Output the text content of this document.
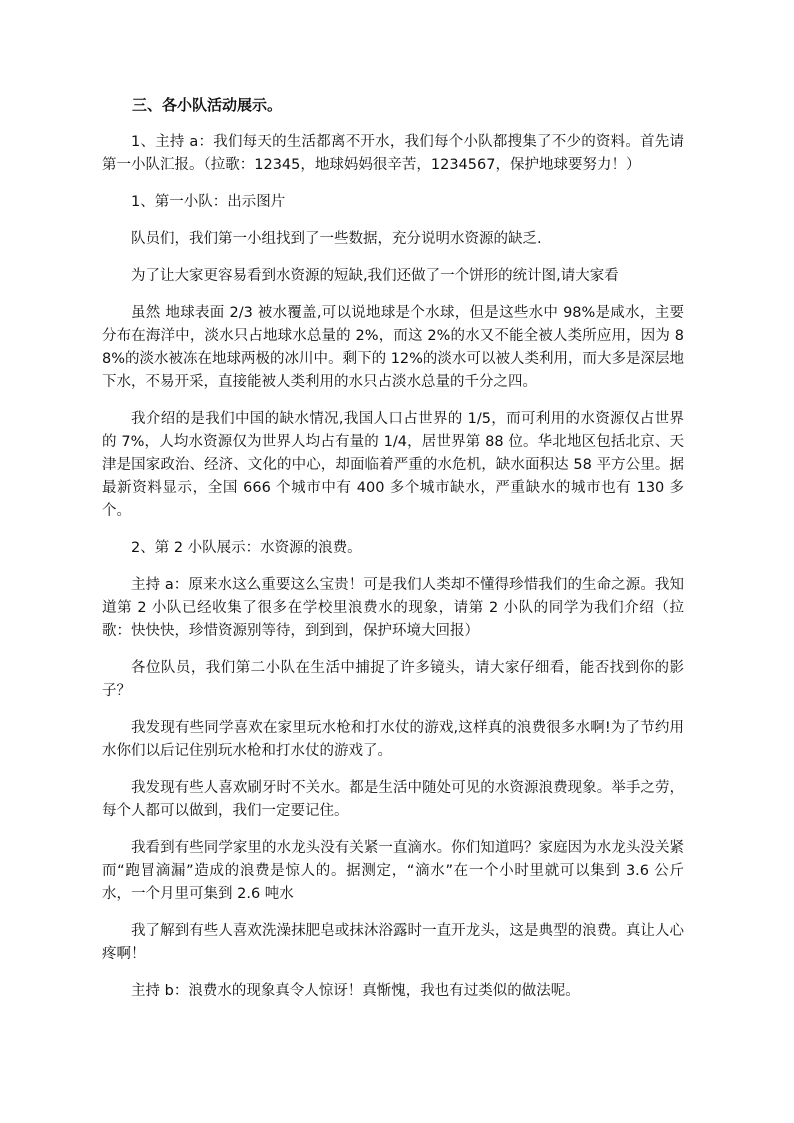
三、各小队活动展示。

1、主持 a：我们每天的生活都离不开水，我们每个小队都搜集了不少的资料。首先请第一小队汇报。（拉歌：12345，地球妈妈很辛苦，1234567，保护地球要努力！）

1、第一小队：出示图片

队员们，我们第一小组找到了一些数据，充分说明水资源的缺乏.

为了让大家更容易看到水资源的短缺,我们还做了一个饼形的统计图,请大家看

虽然 地球表面 2/3 被水覆盖,可以说地球是个水球，但是这些水中 98%是咸水，主要分布在海洋中，淡水只占地球水总量的 2%，而这 2%的水又不能全被人类所应用，因为 88%的淡水被冻在地球两极的冰川中。剩下的 12%的淡水可以被人类利用，而大多是深层地下水，不易开采，直接能被人类利用的水只占淡水总量的千分之四。

我介绍的是我们中国的缺水情况,我国人口占世界的 1/5，而可利用的水资源仅占世界的 7%，人均水资源仅为世界人均占有量的 1/4，居世界第 88 位。华北地区包括北京、天津是国家政治、经济、文化的中心，却面临着严重的水危机，缺水面积达 58 平方公里。据最新资料显示，全国 666 个城市中有 400 多个城市缺水，严重缺水的城市也有 130 多个。

2、第 2 小队展示：水资源的浪费。

主持 a：原来水这么重要这么宝贵！可是我们人类却不懂得珍惜我们的生命之源。我知道第 2 小队已经收集了很多在学校里浪费水的现象，请第 2 小队的同学为我们介绍（拉歌：快快快，珍惜资源别等待，到到到，保护环境大回报）

各位队员，我们第二小队在生活中捕捉了许多镜头，请大家仔细看，能否找到你的影子？

我发现有些同学喜欢在家里玩水枪和打水仗的游戏,这样真的浪费很多水啊!为了节约用水你们以后记住别玩水枪和打水仗的游戏了。

我发现有些人喜欢刷牙时不关水。都是生活中随处可见的水资源浪费现象。举手之劳，每个人都可以做到，我们一定要记住。

我看到有些同学家里的水龙头没有关紧一直滴水。你们知道吗？家庭因为水龙头没关紧而“跑冒滴漏”造成的浪费是惊人的。据测定，“滴水”在一个小时里就可以集到 3.6 公斤水，一个月里可集到 2.6 吨水

我了解到有些人喜欢洗澡抹肥皂或抹沐浴露时一直开龙头，这是典型的浪费。真让人心疼啊！

主持 b：浪费水的现象真令人惊讶！真惭愧，我也有过类似的做法呢。
